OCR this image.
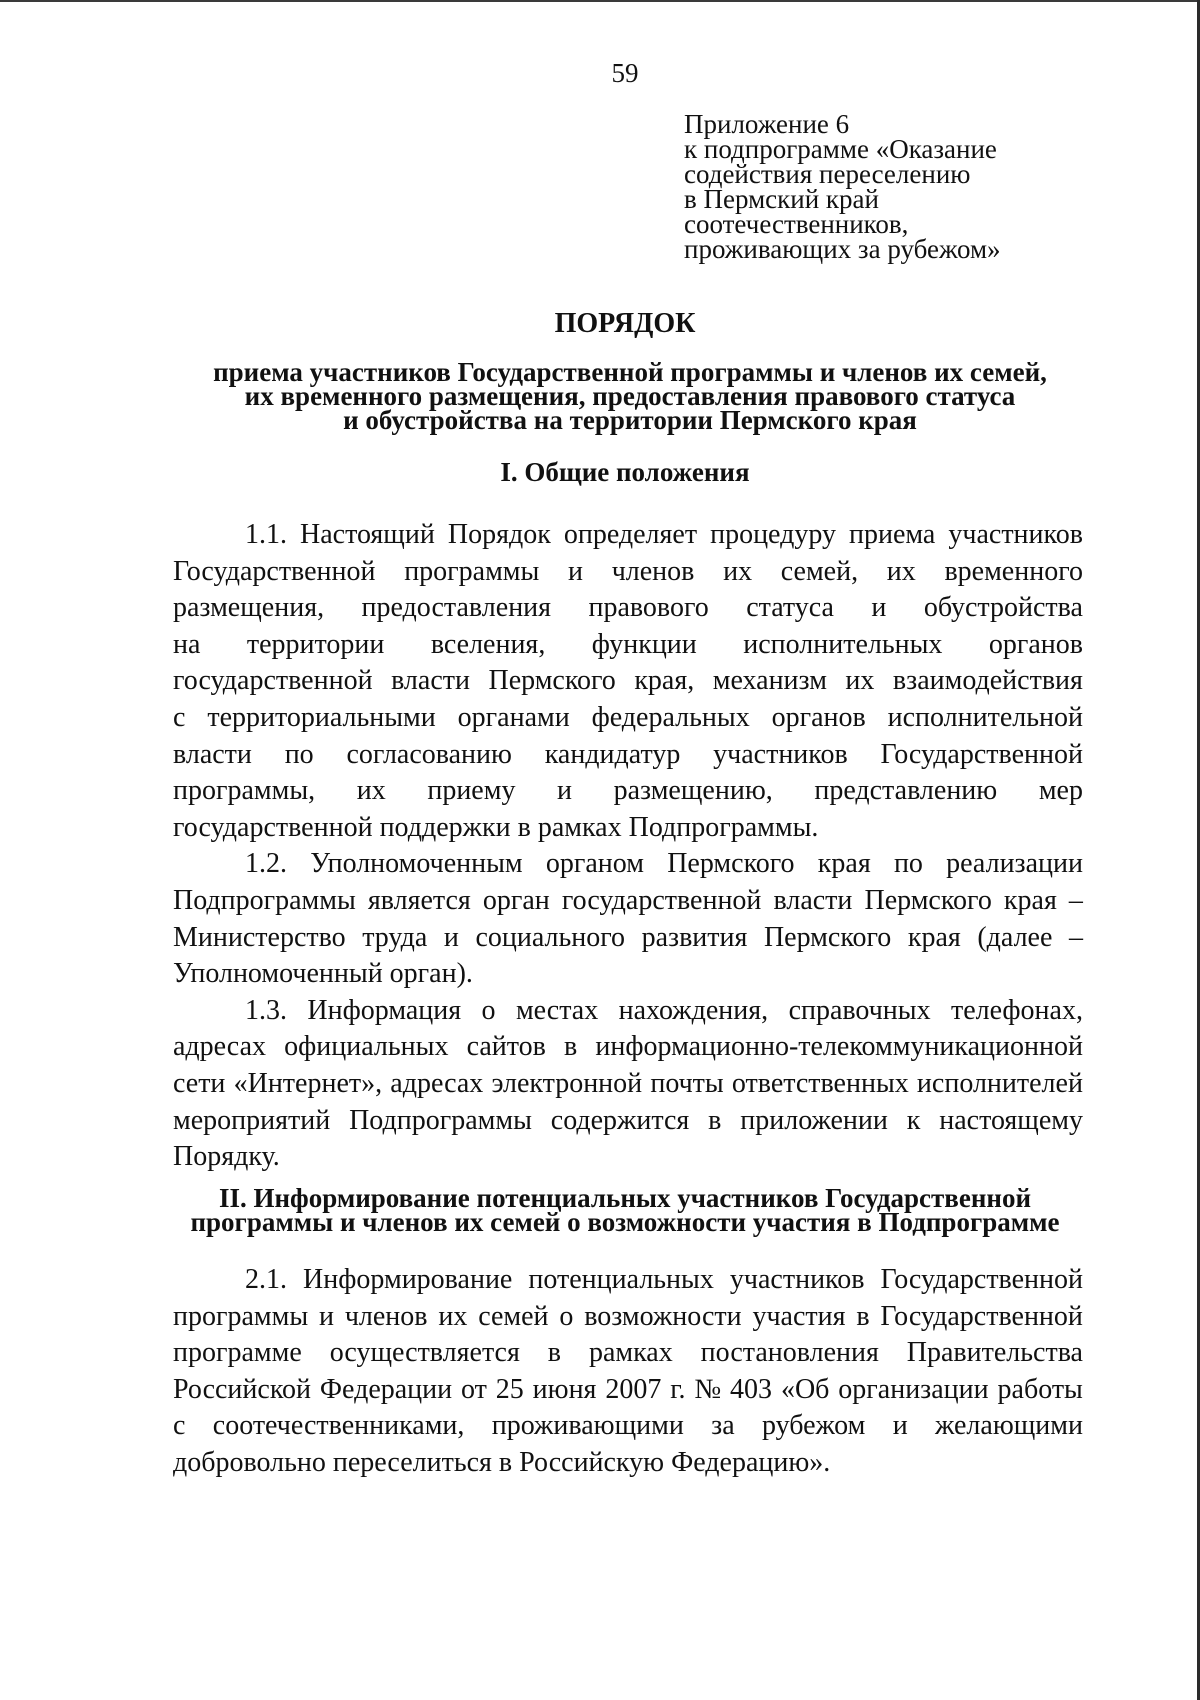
59
Приложение 6
к подпрограмме «Оказание
содействия переселению
в Пермский край
соотечественников,
проживающих за рубежом»
ПОРЯДОК
приема участников Государственной программы и членов их семей,
их временного размещения, предоставления правового статуса
и обустройства на территории Пермского края
I. Общие положения
1.1. Настоящий Порядок определяет процедуру приема участников
Государственной программы и членов их семей, их временного
размещения, предоставления правового статуса и обустройства
на территории вселения, функции исполнительных органов
государственной власти Пермского края, механизм их взаимодействия
с территориальными органами федеральных органов исполнительной
власти по согласованию кандидатур участников Государственной
программы, их приему и размещению, представлению мер
государственной поддержки в рамках Подпрограммы.
1.2. Уполномоченным органом Пермского края по реализации
Подпрограммы является орган государственной власти Пермского края –
Министерство труда и социального развития Пермского края (далее –
Уполномоченный орган).
1.3. Информация о местах нахождения, справочных телефонах,
адресах официальных сайтов в информационно-телекоммуникационной
сети «Интернет», адресах электронной почты ответственных исполнителей
мероприятий Подпрограммы содержится в приложении к настоящему
Порядку.
II. Информирование потенциальных участников Государственной
программы и членов их семей о возможности участия в Подпрограмме
2.1. Информирование потенциальных участников Государственной
программы и членов их семей о возможности участия в Государственной
программе осуществляется в рамках постановления Правительства
Российской Федерации от 25 июня 2007 г. № 403 «Об организации работы
с соотечественниками, проживающими за рубежом и желающими
добровольно переселиться в Российскую Федерацию».
